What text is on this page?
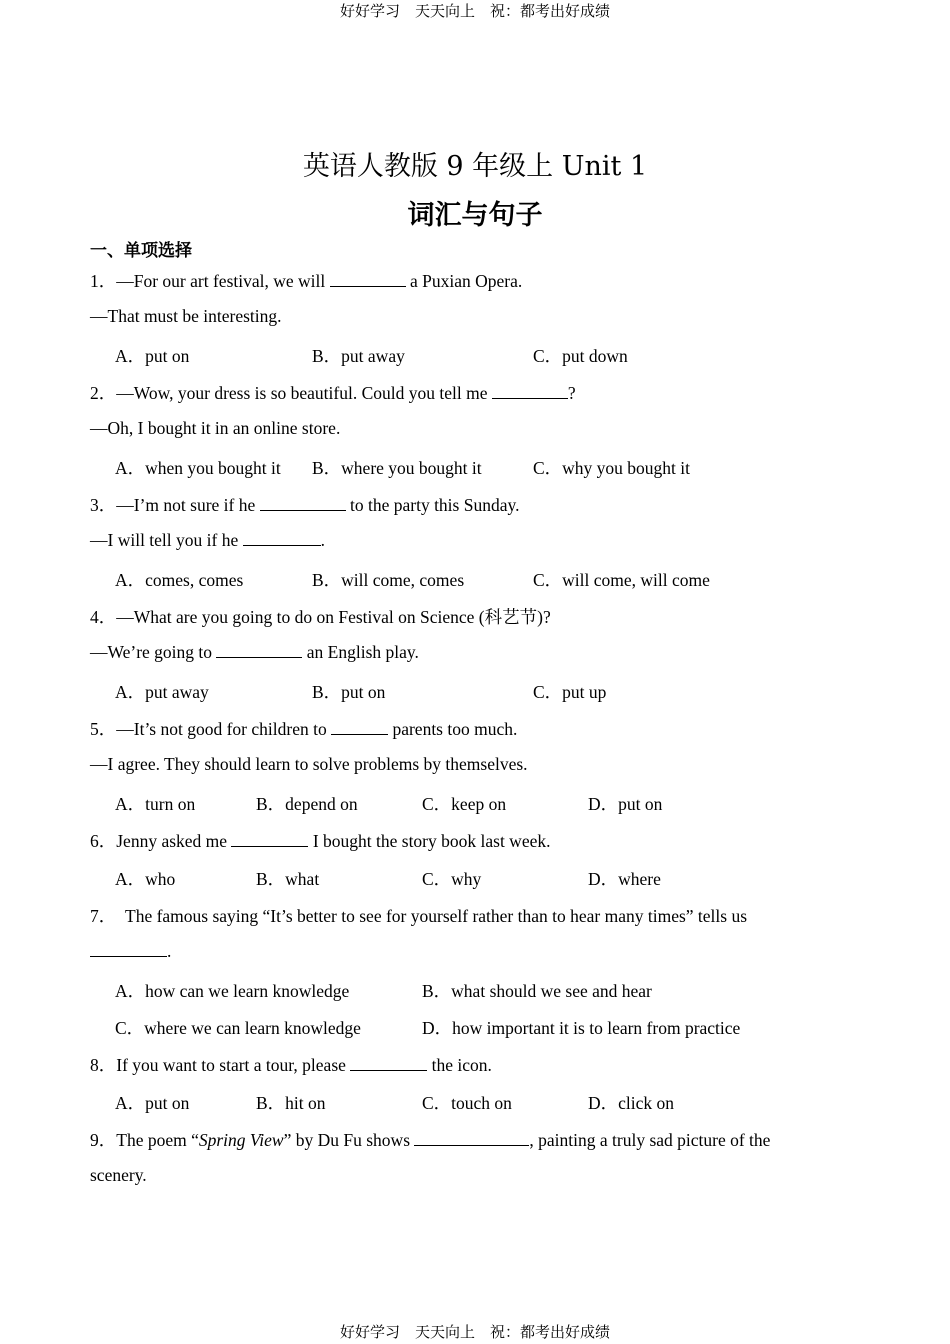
好好学习　天天向上　祝：都考出好成绩
英语人教版 9 年级上 Unit 1
词汇与句子
一、单项选择
1．—For our art festival, we will	a Puxian Opera.
—That must be interesting.
A．put on	B．put away	C．put down
2．—Wow, your dress is so beautiful. Could you tell me	?
—Oh, I bought it in an online store.
A．when you bought it B．where you bought it	C．why you bought it
3．—I’m not sure if he	to the party this Sunday.
—I will tell you if he	.
A．comes, comes	B．will come, comes	C．will come, will come
4．—What are you going to do on Festival on Science (科艺节)?
—We’re going to	an English play.
A．put away	B．put on	C．put up
5．—It’s not good for children to	parents too much.
—I agree. They should learn to solve problems by themselves.
A．turn on	B．depend on	C．keep on	D．put on
6．Jenny asked me	I bought the story book last week.
A．who	B．what	C．why	D．where
7．　The famous saying “It’s better to see for yourself rather than to hear many times” tells us
.
A．how can we learn knowledge	B．what should we see and hear
C．where we can learn knowledge	D．how important it is to learn from practice
8．If you want to start a tour, please	the icon.
A．put on	B．hit on	C．touch on	D．click on
9．The poem “Spring View” by Du Fu shows	, painting a truly sad picture of the
scenery.
好好学习　天天向上　祝：都考出好成绩
